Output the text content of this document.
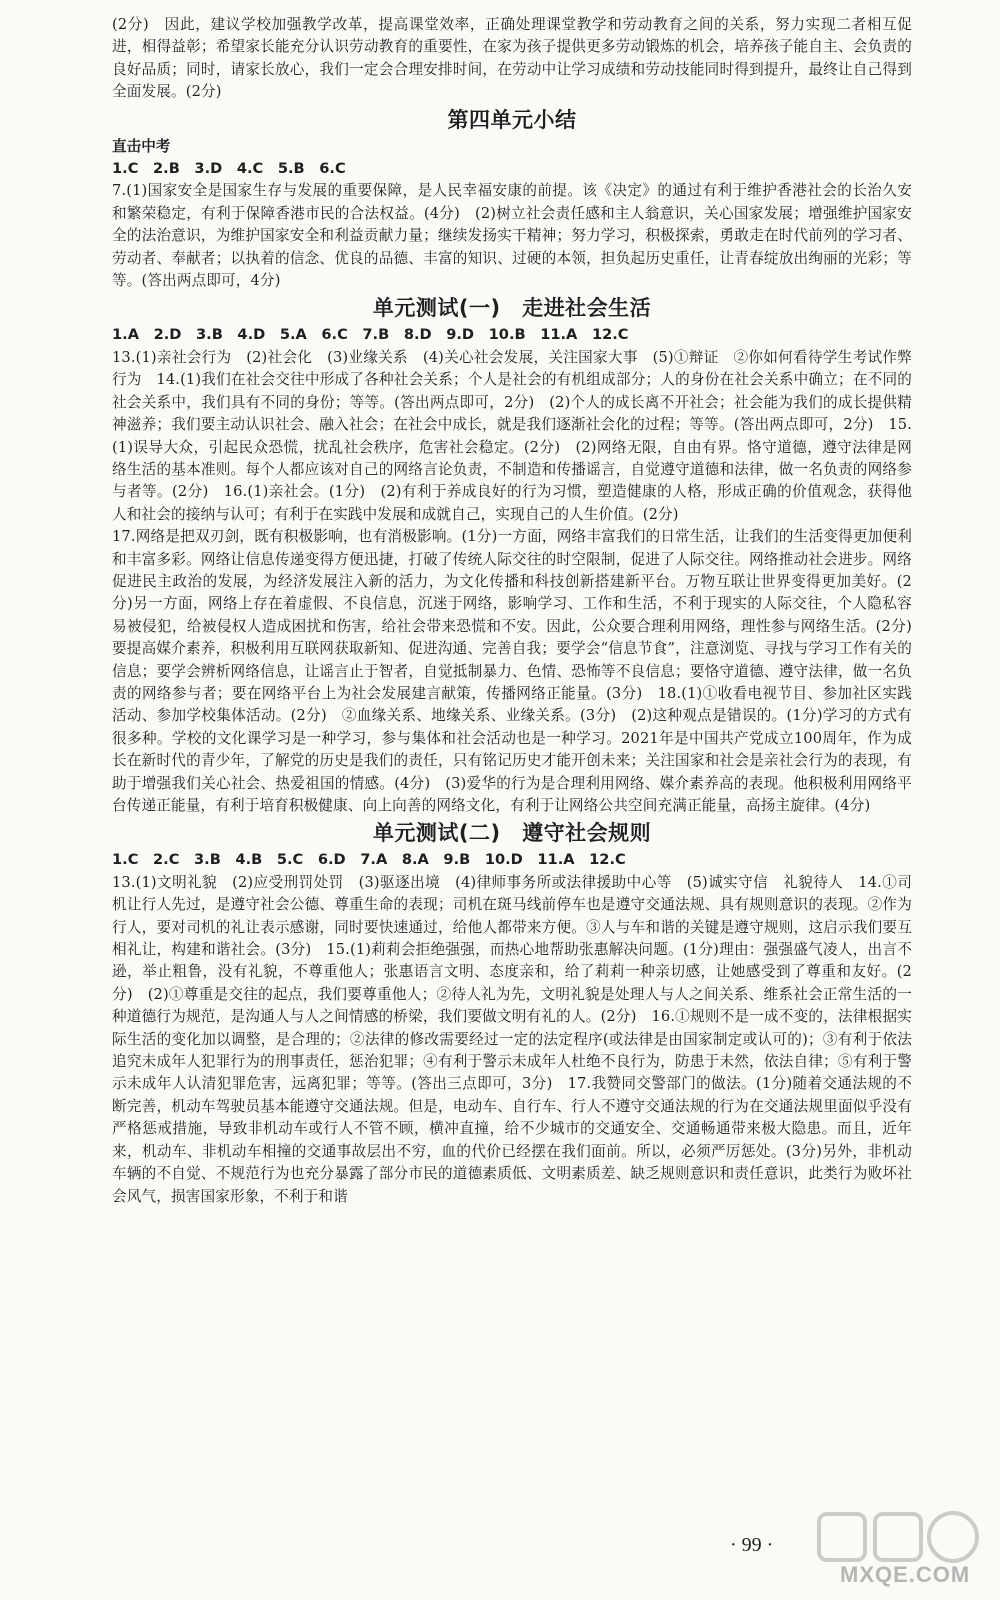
(2分)　因此，建议学校加强教学改革，提高课堂效率，正确处理课堂教学和劳动教育之间的关系，努力实现二者相互促进，相得益彰；希望家长能充分认识劳动教育的重要性，在家为孩子提供更多劳动锻炼的机会，培养孩子能自主、会负责的良好品质；同时，请家长放心，我们一定会合理安排时间，在劳动中让学习成绩和劳动技能同时得到提升，最终让自己得到全面发展。(2分)

第四单元小结

直击中考

1.C　2.B　3.D　4.C　5.B　6.C

7.(1)国家安全是国家生存与发展的重要保障，是人民幸福安康的前提。该《决定》的通过有利于维护香港社会的长治久安和繁荣稳定，有利于保障香港市民的合法权益。(4分)　(2)树立社会责任感和主人翁意识，关心国家发展；增强维护国家安全的法治意识，为维护国家安全和利益贡献力量；继续发扬实干精神；努力学习，积极探索，勇敢走在时代前列的学习者、劳动者、奉献者；以执着的信念、优良的品德、丰富的知识、过硬的本领，担负起历史重任，让青春绽放出绚丽的光彩；等等。(答出两点即可，4分)

单元测试(一)　走进社会生活

1.A　2.D　3.B　4.D　5.A　6.C　7.B　8.D　9.D　10.B　11.A　12.C

13.(1)亲社会行为　(2)社会化　(3)业缘关系　(4)关心社会发展，关注国家大事　(5)①辩证　②你如何看待学生考试作弊行为　14.(1)我们在社会交往中形成了各种社会关系；个人是社会的有机组成部分；人的身份在社会关系中确立；在不同的社会关系中，我们具有不同的身份；等等。(答出两点即可，2分)　(2)个人的成长离不开社会；社会能为我们的成长提供精神滋养；我们要主动认识社会、融入社会；在社会中成长，就是我们逐渐社会化的过程；等等。(答出两点即可，2分)　15.(1)误导大众，引起民众恐慌，扰乱社会秩序，危害社会稳定。(2分)　(2)网络无限，自由有界。恪守道德，遵守法律是网络生活的基本准则。每个人都应该对自己的网络言论负责，不制造和传播谣言，自觉遵守道德和法律，做一名负责的网络参与者等。(2分)　16.(1)亲社会。(1分)　(2)有利于养成良好的行为习惯，塑造健康的人格，形成正确的价值观念，获得他人和社会的接纳与认可；有利于在实践中发展和成就自己，实现自己的人生价值。(2分)

17.网络是把双刃剑，既有积极影响，也有消极影响。(1分)一方面，网络丰富我们的日常生活，让我们的生活变得更加便利和丰富多彩。网络让信息传递变得方便迅捷，打破了传统人际交往的时空限制，促进了人际交往。网络推动社会进步。网络促进民主政治的发展，为经济发展注入新的活力，为文化传播和科技创新搭建新平台。万物互联让世界变得更加美好。(2分)另一方面，网络上存在着虚假、不良信息，沉迷于网络，影响学习、工作和生活，不利于现实的人际交往，个人隐私容易被侵犯，给被侵权人造成困扰和伤害，给社会带来恐慌和不安。因此，公众要合理利用网络，理性参与网络生活。(2分)要提高媒介素养，积极利用互联网获取新知、促进沟通、完善自我；要学会“信息节食”，注意浏览、寻找与学习工作有关的信息；要学会辨析网络信息，让谣言止于智者，自觉抵制暴力、色情、恐怖等不良信息；要恪守道德、遵守法律，做一名负责的网络参与者；要在网络平台上为社会发展建言献策，传播网络正能量。(3分)　18.(1)①收看电视节目、参加社区实践活动、参加学校集体活动。(2分)　②血缘关系、地缘关系、业缘关系。(3分)　(2)这种观点是错误的。(1分)学习的方式有很多种。学校的文化课学习是一种学习，参与集体和社会活动也是一种学习。2021年是中国共产党成立100周年，作为成长在新时代的青少年，了解党的历史是我们的责任，只有铭记历史才能开创未来；关注国家和社会是亲社会行为的表现，有助于增强我们关心社会、热爱祖国的情感。(4分)　(3)爱华的行为是合理利用网络、媒介素养高的表现。他积极利用网络平台传递正能量，有利于培育积极健康、向上向善的网络文化，有利于让网络公共空间充满正能量，高扬主旋律。(4分)

单元测试(二)　遵守社会规则

1.C　2.C　3.B　4.B　5.C　6.D　7.A　8.A　9.B　10.D　11.A　12.C

13.(1)文明礼貌　(2)应受刑罚处罚　(3)驱逐出境　(4)律师事务所或法律援助中心等　(5)诚实守信　礼貌待人　14.①司机让行人先过，是遵守社会公德、尊重生命的表现；司机在斑马线前停车也是遵守交通法规、具有规则意识的表现。②作为行人，要对司机的礼让表示感谢，同时要快速通过，给他人都带来方便。③人与车和谐的关键是遵守规则，这启示我们要互相礼让，构建和谐社会。(3分)　15.(1)莉莉会拒绝强强，而热心地帮助张惠解决问题。(1分)理由：强强盛气凌人，出言不逊，举止粗鲁，没有礼貌，不尊重他人；张惠语言文明、态度亲和，给了莉莉一种亲切感，让她感受到了尊重和友好。(2分)　(2)①尊重是交往的起点，我们要尊重他人；②待人礼为先，文明礼貌是处理人与人之间关系、维系社会正常生活的一种道德行为规范，是沟通人与人之间情感的桥梁，我们要做文明有礼的人。(2分)　16.①规则不是一成不变的，法律根据实际生活的变化加以调整，是合理的；②法律的修改需要经过一定的法定程序(或法律是由国家制定或认可的)；③有利于依法追究未成年人犯罪行为的刑事责任，惩治犯罪；④有利于警示未成年人杜绝不良行为，防患于未然，依法自律；⑤有利于警示未成年人认清犯罪危害，远离犯罪；等等。(答出三点即可，3分)　17.我赞同交警部门的做法。(1分)随着交通法规的不断完善，机动车驾驶员基本能遵守交通法规。但是，电动车、自行车、行人不遵守交通法规的行为在交通法规里面似乎没有严格惩戒措施，导致非机动车或行人不管不顾，横冲直撞，给不少城市的交通安全、交通畅通带来极大隐患。而且，近年来，机动车、非机动车相撞的交通事故层出不穷，血的代价已经摆在我们面前。所以，必须严厉惩处。(3分)另外，非机动车辆的不自觉、不规范行为也充分暴露了部分市民的道德素质低、文明素质差、缺乏规则意识和责任意识，此类行为败坏社会风气，损害国家形象，不利于和谐

· 99 ·
MXQE.COM
